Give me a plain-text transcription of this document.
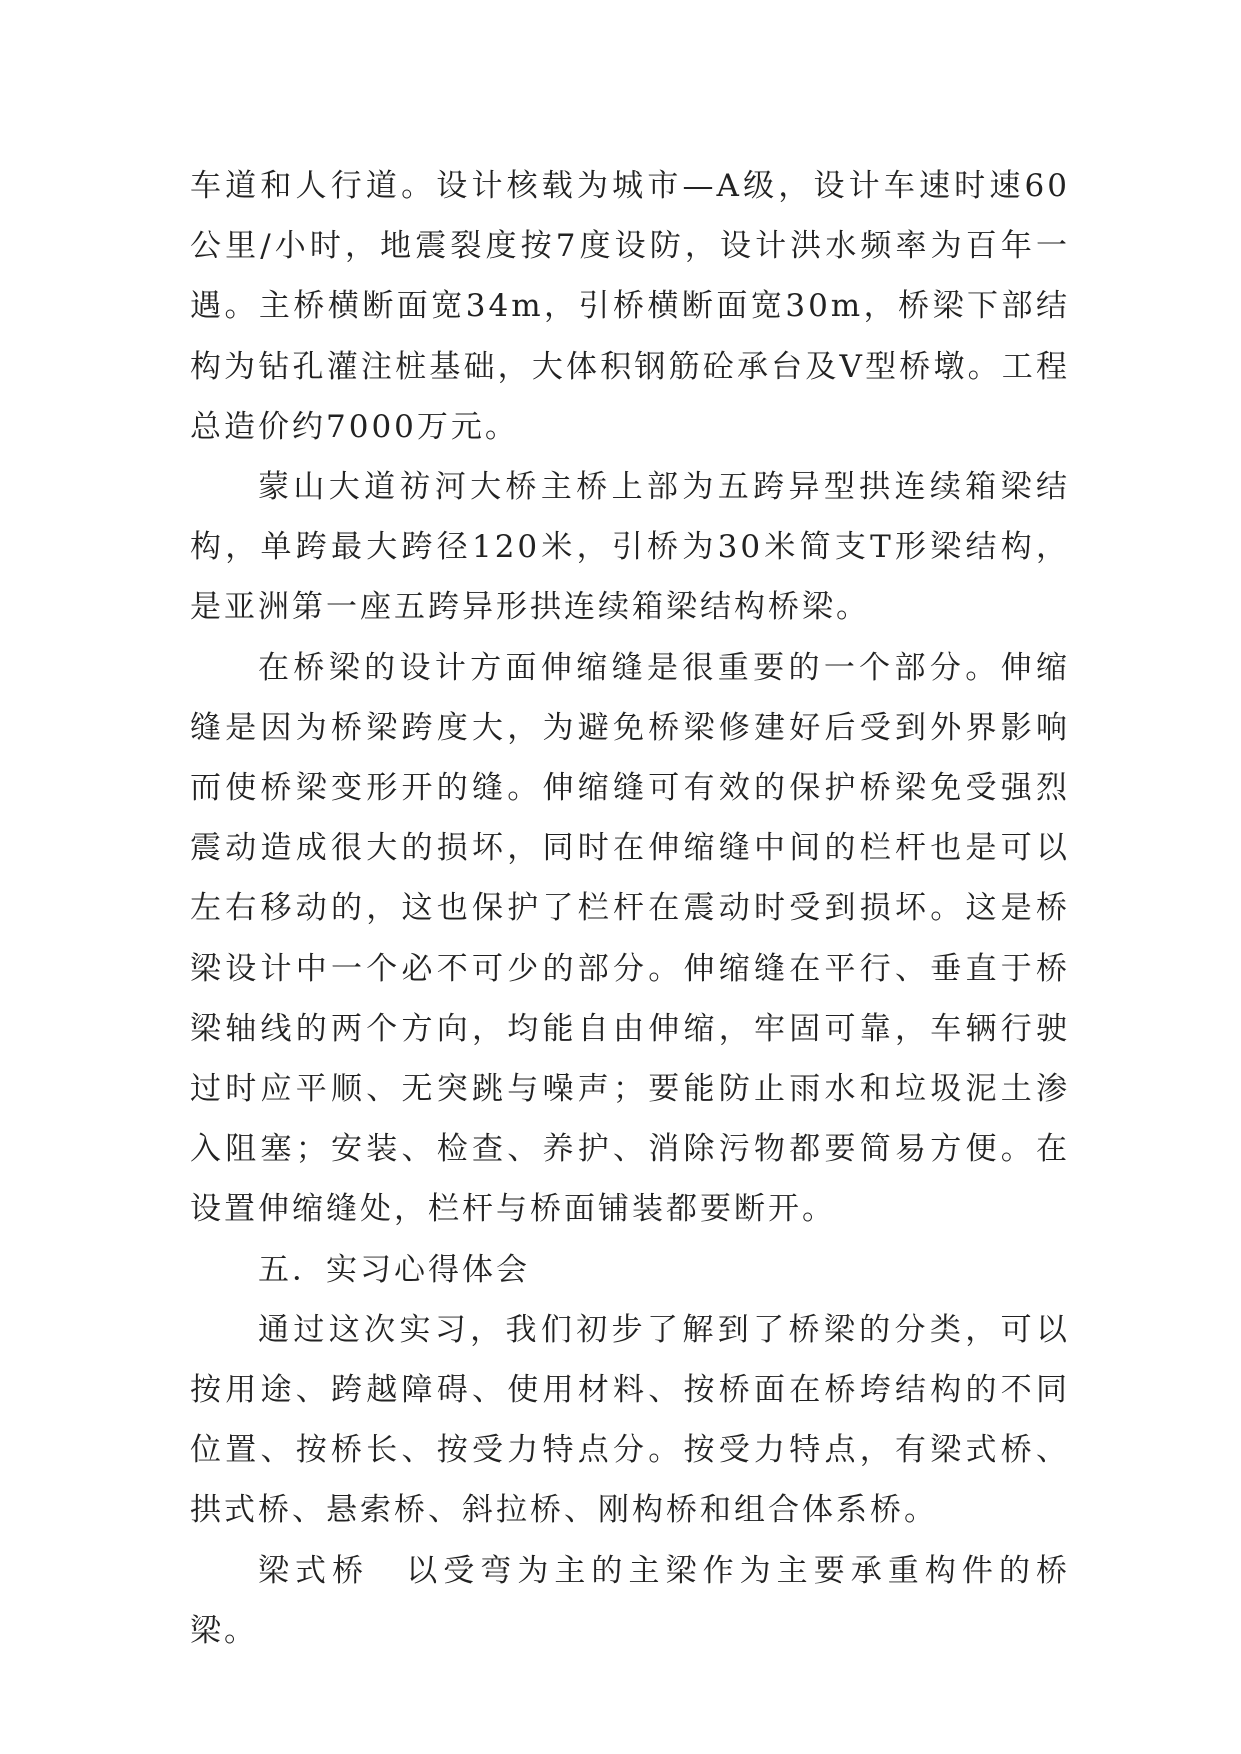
车道和人行道。设计核载为城市—A级，设计车速时速60公里/小时，地震裂度按7度设防，设计洪水频率为百年一遇。主桥横断面宽34m，引桥横断面宽30m，桥梁下部结构为钻孔灌注桩基础，大体积钢筋砼承台及V型桥墩。工程总造价约7000万元。

蒙山大道祊河大桥主桥上部为五跨异型拱连续箱梁结构，单跨最大跨径120米，引桥为30米简支T形梁结构，是亚洲第一座五跨异形拱连续箱梁结构桥梁。

在桥梁的设计方面伸缩缝是很重要的一个部分。伸缩缝是因为桥梁跨度大，为避免桥梁修建好后受到外界影响而使桥梁变形开的缝。伸缩缝可有效的保护桥梁免受强烈震动造成很大的损坏，同时在伸缩缝中间的栏杆也是可以左右移动的，这也保护了栏杆在震动时受到损坏。这是桥梁设计中一个必不可少的部分。伸缩缝在平行、垂直于桥梁轴线的两个方向，均能自由伸缩，牢固可靠，车辆行驶过时应平顺、无突跳与噪声；要能防止雨水和垃圾泥土渗入阻塞；安装、检查、养护、消除污物都要简易方便。在设置伸缩缝处，栏杆与桥面铺装都要断开。

五．实习心得体会

通过这次实习，我们初步了解到了桥梁的分类，可以按用途、跨越障碍、使用材料、按桥面在桥垮结构的不同位置、按桥长、按受力特点分。按受力特点，有梁式桥、拱式桥、悬索桥、斜拉桥、刚构桥和组合体系桥。

梁式桥　以受弯为主的主梁作为主要承重构件的桥梁。
